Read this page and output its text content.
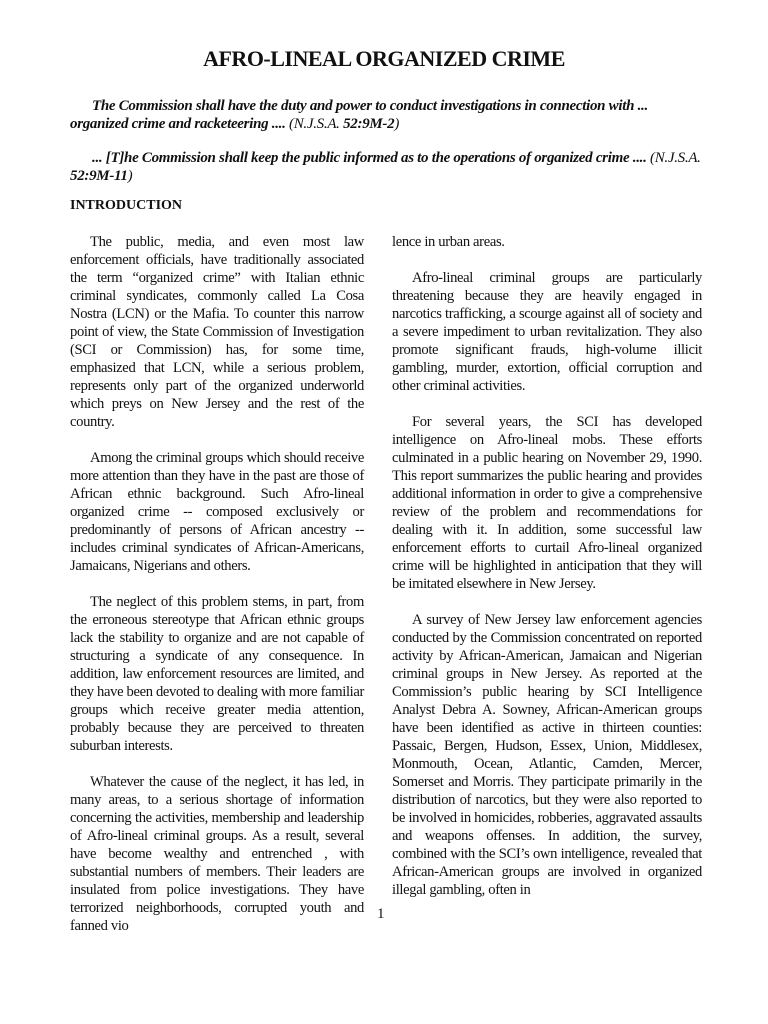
AFRO-LINEAL ORGANIZED CRIME
The Commission shall have the duty and power to conduct investigations in connection with ... organized crime and racketeering .... (N.J.S.A. 52:9M-2)
... [T]he Commission shall keep the public informed as to the operations of organized crime .... (N.J.S.A. 52:9M-11)
INTRODUCTION

The public, media, and even most law enforcement officials, have traditionally associated the term “organized crime” with Italian ethnic criminal syndicates, commonly called La Cosa Nostra (LCN) or the Mafia. To counter this narrow point of view, the State Commission of Investigation (SCI or Commission) has, for some time, emphasized that LCN, while a serious problem, represents only part of the organized underworld which preys on New Jersey and the rest of the country.

Among the criminal groups which should receive more attention than they have in the past are those of African ethnic background. Such Afro-lineal organized crime -- composed exclusively or predominantly of persons of African ancestry -- includes criminal syndicates of African-Americans, Jamaicans, Nigerians and others.

The neglect of this problem stems, in part, from the erroneous stereotype that African ethnic groups lack the stability to organize and are not capable of structuring a syndicate of any consequence. In addition, law enforcement resources are limited, and they have been devoted to dealing with more familiar groups which receive greater media attention, probably because they are perceived to threaten suburban interests.

Whatever the cause of the neglect, it has led, in many areas, to a serious shortage of information concerning the activities, membership and leadership of Afro-lineal criminal groups. As a result, several have become wealthy and entrenched , with substantial numbers of members. Their leaders are insulated from police investigations. They have terrorized neighborhoods, corrupted youth and fanned vio

lence in urban areas.

Afro-lineal criminal groups are particularly threatening because they are heavily engaged in narcotics trafficking, a scourge against all of society and a severe impediment to urban revitalization. They also promote significant frauds, high-volume illicit gambling, murder, extortion, official corruption and other criminal activities.

For several years, the SCI has developed intelligence on Afro-lineal mobs. These efforts culminated in a public hearing on November 29, 1990. This report summarizes the public hearing and provides additional information in order to give a comprehensive review of the problem and recommendations for dealing with it. In addition, some successful law enforcement efforts to curtail Afro-lineal organized crime will be highlighted in anticipation that they will be imitated elsewhere in New Jersey.

A survey of New Jersey law enforcement agencies conducted by the Commission concentrated on reported activity by African-American, Jamaican and Nigerian criminal groups in New Jersey. As reported at the Commission’s public hearing by SCI Intelligence Analyst Debra A. Sowney, African-American groups have been identified as active in thirteen counties: Passaic, Bergen, Hudson, Essex, Union, Middlesex, Monmouth, Ocean, Atlantic, Camden, Mercer, Somerset and Morris. They participate primarily in the distribution of narcotics, but they were also reported to be involved in homicides, robberies, aggravated assaults and weapons offenses. In addition, the survey, combined with the SCI’s own intelligence, revealed that African-American groups are involved in organized illegal gambling, often in

1
